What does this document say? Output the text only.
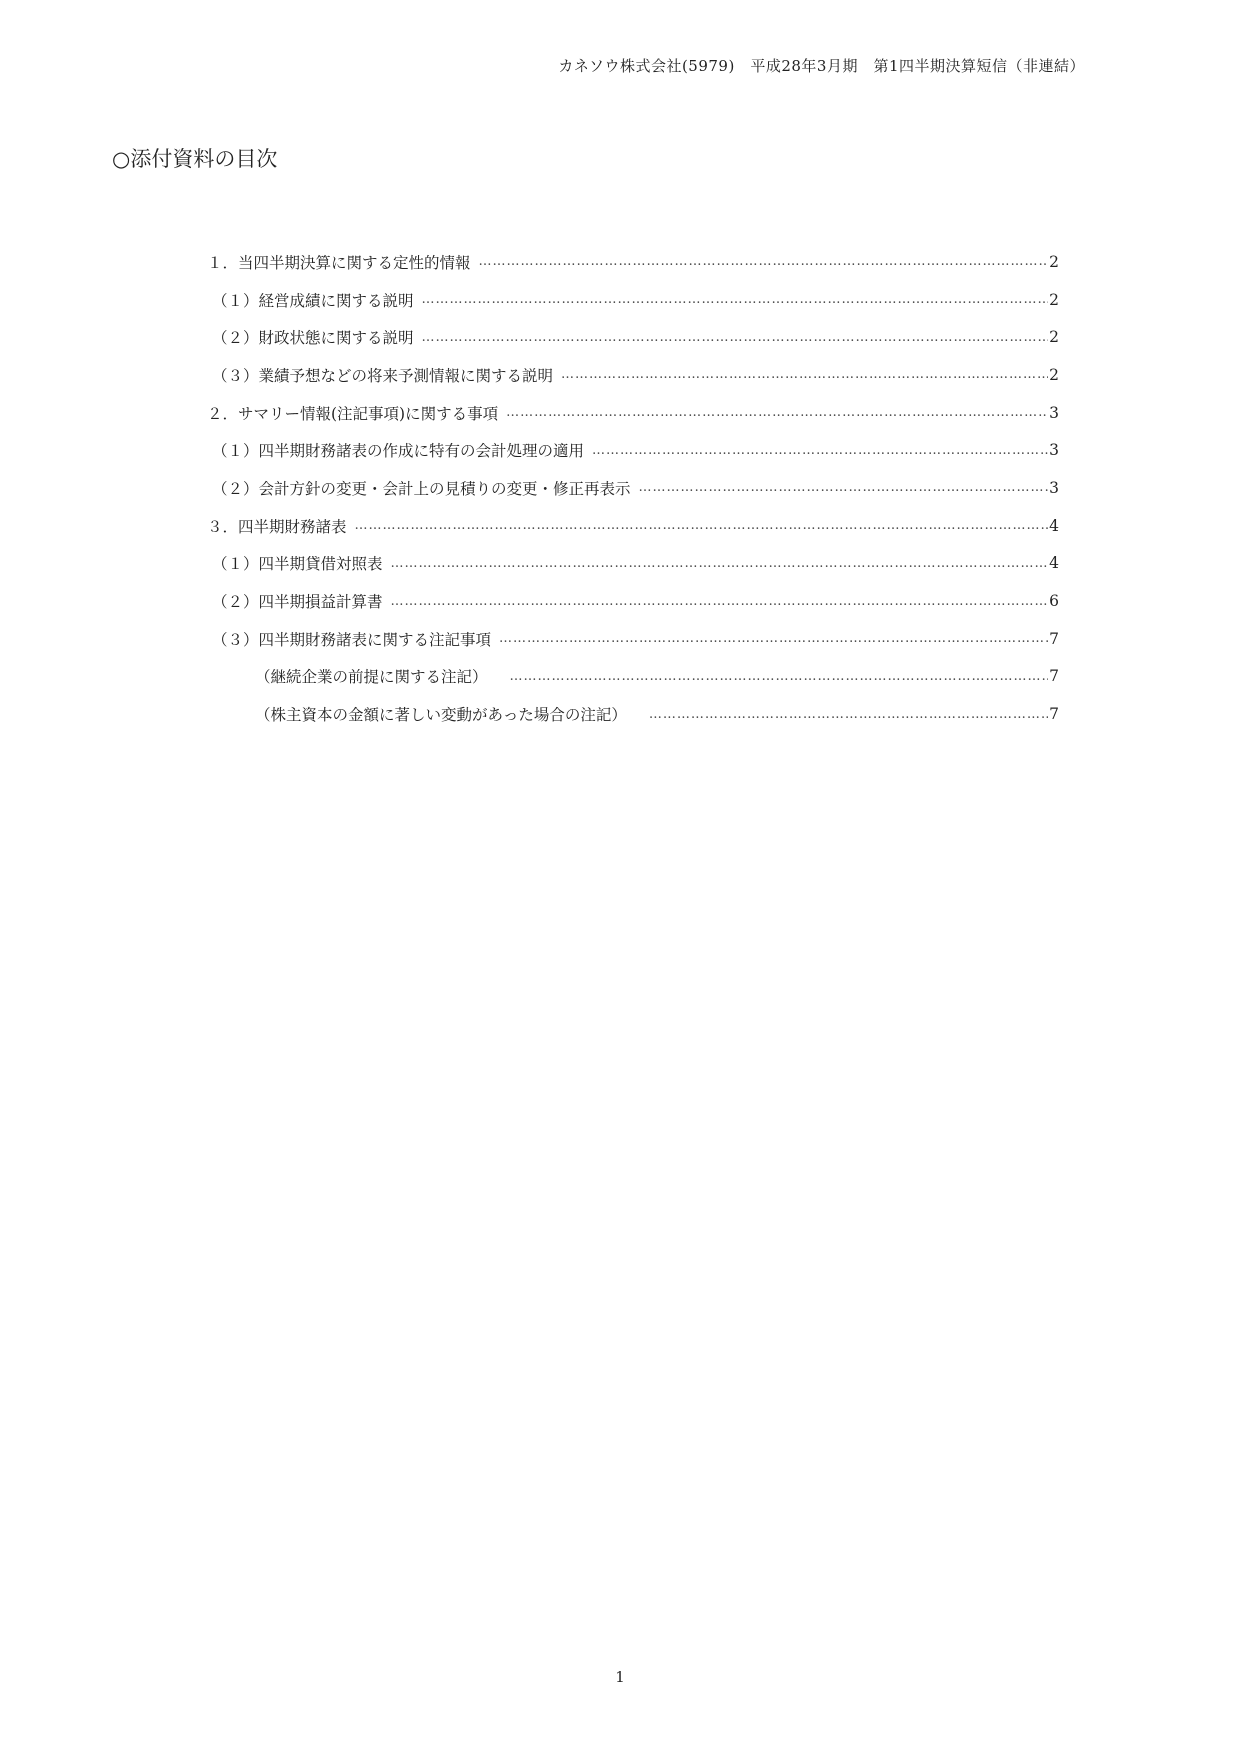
カネソウ株式会社(5979)　平成28年3月期　第1四半期決算短信（非連結）
○添付資料の目次
１．当四半期決算に関する定性的情報 ……………………………………………………………………………………………………………………………………………………………………………………………………………………………………………………	2
（１）経営成績に関する説明 ……………………………………………………………………………………………………………………………………………………………………………………………………………………………………………………	2
（２）財政状態に関する説明 ……………………………………………………………………………………………………………………………………………………………………………………………………………………………………………………	2
（３）業績予想などの将来予測情報に関する説明 ……………………………………………………………………………………………………………………………………………………………………………………………………………………………………………………	2
２．サマリー情報(注記事項)に関する事項 ……………………………………………………………………………………………………………………………………………………………………………………………………………………………………………………	3
（１）四半期財務諸表の作成に特有の会計処理の適用 ……………………………………………………………………………………………………………………………………………………………………………………………………………………………………………………	3
（２）会計方針の変更・会計上の見積りの変更・修正再表示 ……………………………………………………………………………………………………………………………………………………………………………………………………………………………………………………	3
３．四半期財務諸表 ……………………………………………………………………………………………………………………………………………………………………………………………………………………………………………………	4
（１）四半期貸借対照表 ……………………………………………………………………………………………………………………………………………………………………………………………………………………………………………………	4
（２）四半期損益計算書 ……………………………………………………………………………………………………………………………………………………………………………………………………………………………………………………	6
（３）四半期財務諸表に関する注記事項 ……………………………………………………………………………………………………………………………………………………………………………………………………………………………………………………	7
（継続企業の前提に関する注記） ……………………………………………………………………………………………………………………………………………………………………………………………………………………………………………………	7
（株主資本の金額に著しい変動があった場合の注記） ……………………………………………………………………………………………………………………………………………………………………………………………………………………………………………………	7
1
